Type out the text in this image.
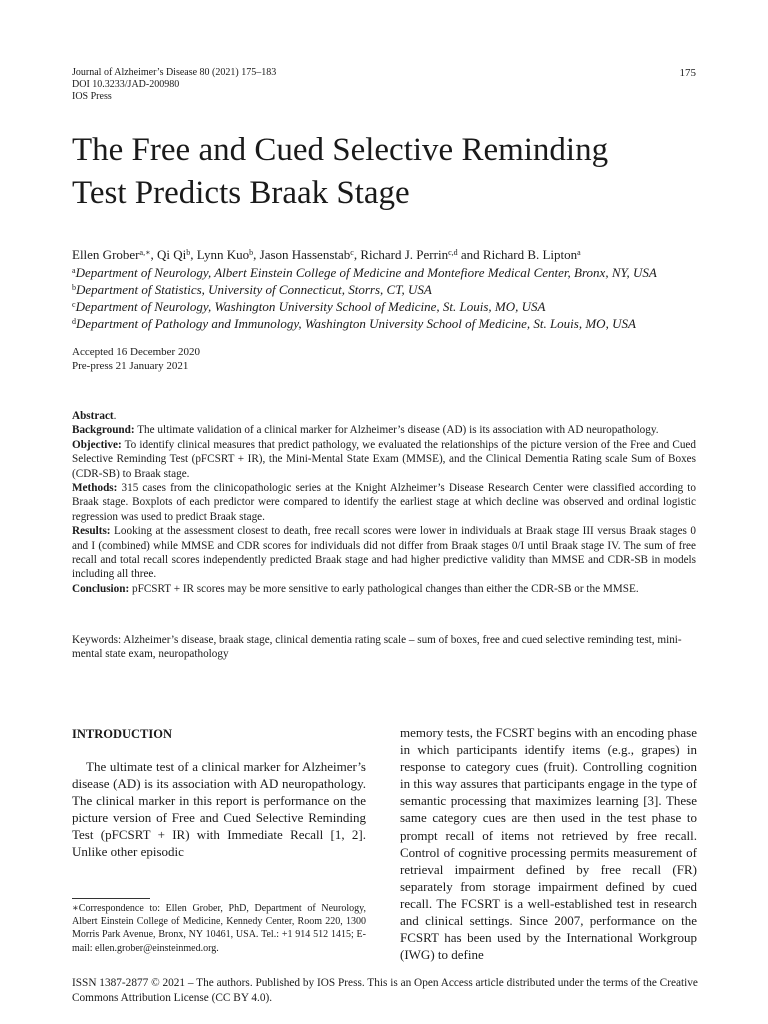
Journal of Alzheimer’s Disease 80 (2021) 175–183
DOI 10.3233/JAD-200980
IOS Press
175
The Free and Cued Selective Reminding
Test Predicts Braak Stage
Ellen Grober$^{a,∗}$, Qi Qi$^b$, Lynn Kuo$^b$, Jason Hassenstab$^c$, Richard J. Perrin$^{c,d}$ and Richard B. Lipton$^a$
$^a$Department of Neurology, Albert Einstein College of Medicine and Montefiore Medical Center, Bronx, NY, USA
$^b$Department of Statistics, University of Connecticut, Storrs, CT, USA
$^c$Department of Neurology, Washington University School of Medicine, St. Louis, MO, USA
$^d$Department of Pathology and Immunology, Washington University School of Medicine, St. Louis, MO, USA
Accepted 16 December 2020
Pre-press 21 January 2021

Abstract.

Background: The ultimate validation of a clinical marker for Alzheimer’s disease (AD) is its association with AD neuropathology.

Objective: To identify clinical measures that predict pathology, we evaluated the relationships of the picture version of the Free and Cued Selective Reminding Test (pFCSRT + IR), the Mini-Mental State Exam (MMSE), and the Clinical Dementia Rating scale Sum of Boxes (CDR-SB) to Braak stage.

Methods: 315 cases from the clinicopathologic series at the Knight Alzheimer’s Disease Research Center were classified according to Braak stage. Boxplots of each predictor were compared to identify the earliest stage at which decline was observed and ordinal logistic regression was used to predict Braak stage.

Results: Looking at the assessment closest to death, free recall scores were lower in individuals at Braak stage III versus Braak stages 0 and I (combined) while MMSE and CDR scores for individuals did not differ from Braak stages 0/I until Braak stage IV. The sum of free recall and total recall scores independently predicted Braak stage and had higher predictive validity than MMSE and CDR-SB in models including all three.

Conclusion: pFCSRT + IR scores may be more sensitive to early pathological changes than either the CDR-SB or the MMSE.

Keywords: Alzheimer’s disease, braak stage, clinical dementia rating scale – sum of boxes, free and cued selective reminding test, mini-mental state exam, neuropathology
INTRODUCTION
The ultimate test of a clinical marker for Alzheimer’s disease (AD) is its association with AD neuropathology. The clinical marker in this report is performance on the picture version of Free and Cued Selective Reminding Test (pFCSRT + IR) with Immediate Recall [1, 2]. Unlike other episodic
memory tests, the FCSRT begins with an encoding phase in which participants identify items (e.g., grapes) in response to category cues (fruit). Controlling cognition in this way assures that participants engage in the type of semantic processing that maximizes learning [3]. These same category cues are then used in the test phase to prompt recall of items not retrieved by free recall. Control of cognitive processing permits measurement of retrieval impairment defined by free recall (FR) separately from storage impairment defined by cued recall. The FCSRT is a well-established test in research and clinical settings. Since 2007, performance on the FCSRT has been used by the International Workgroup (IWG) to define
∗Correspondence to: Ellen Grober, PhD, Department of Neurology, Albert Einstein College of Medicine, Kennedy Center, Room 220, 1300 Morris Park Avenue, Bronx, NY 10461, USA. Tel.: +1 914 512 1415; E-mail: ellen.grober@einsteinmed.org.
ISSN 1387-2877 © 2021 – The authors. Published by IOS Press. This is an Open Access article distributed under the terms of the Creative Commons Attribution License (CC BY 4.0).
